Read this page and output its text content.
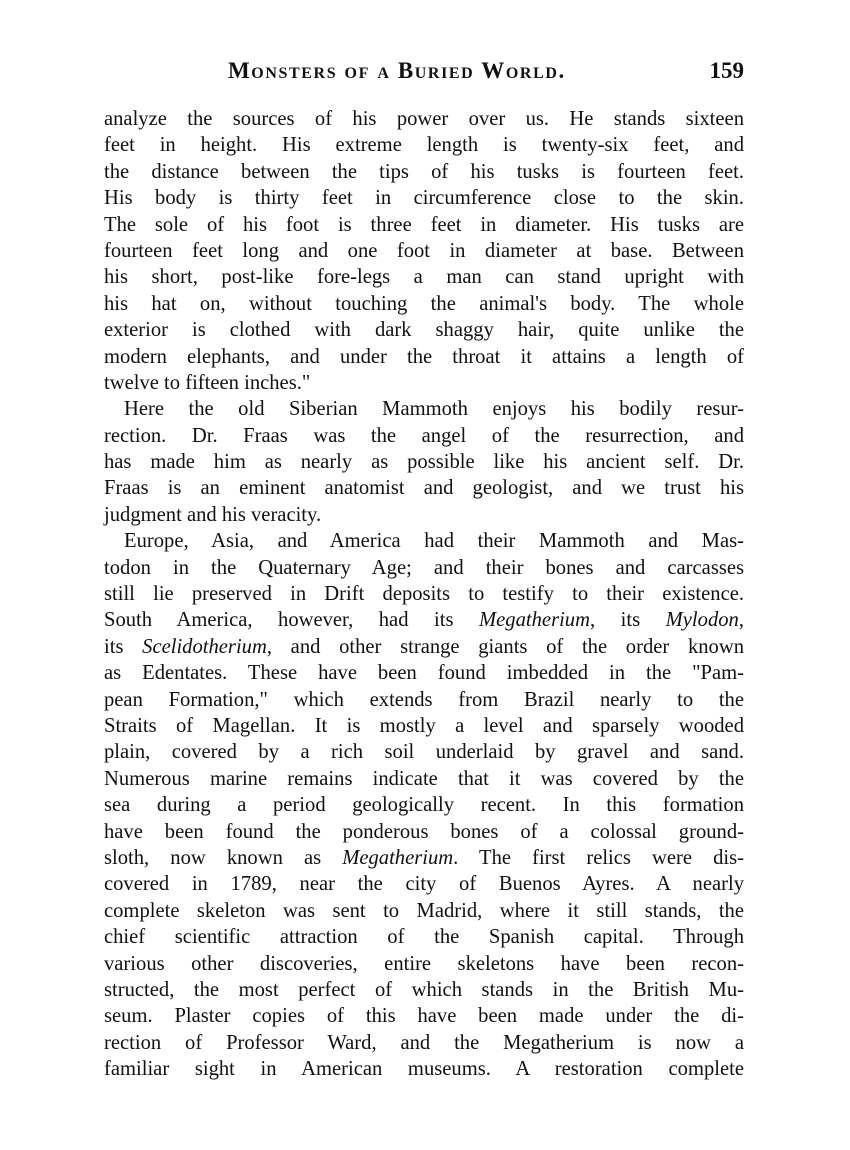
Monsters of a Buried World.	159
analyze the sources of his power over us. He stands sixteen
feet in height. His extreme length is twenty-six feet, and
the distance between the tips of his tusks is fourteen feet.
His body is thirty feet in circumference close to the skin.
The sole of his foot is three feet in diameter. His tusks are
fourteen feet long and one foot in diameter at base. Between
his short, post-like fore-legs a man can stand upright with
his hat on, without touching the animal's body. The whole
exterior is clothed with dark shaggy hair, quite unlike the
modern elephants, and under the throat it attains a length of
twelve to fifteen inches."
Here the old Siberian Mammoth enjoys his bodily resur-
rection. Dr. Fraas was the angel of the resurrection, and
has made him as nearly as possible like his ancient self. Dr.
Fraas is an eminent anatomist and geologist, and we trust his
judgment and his veracity.
Europe, Asia, and America had their Mammoth and Mas-
todon in the Quaternary Age; and their bones and carcasses
still lie preserved in Drift deposits to testify to their existence.
South America, however, had its Megatherium, its Mylodon,
its Scelidotherium, and other strange giants of the order known
as Edentates. These have been found imbedded in the "Pam-
pean Formation," which extends from Brazil nearly to the
Straits of Magellan. It is mostly a level and sparsely wooded
plain, covered by a rich soil underlaid by gravel and sand.
Numerous marine remains indicate that it was covered by the
sea during a period geologically recent. In this formation
have been found the ponderous bones of a colossal ground-
sloth, now known as Megatherium. The first relics were dis-
covered in 1789, near the city of Buenos Ayres. A nearly
complete skeleton was sent to Madrid, where it still stands, the
chief scientific attraction of the Spanish capital. Through
various other discoveries, entire skeletons have been recon-
structed, the most perfect of which stands in the British Mu-
seum. Plaster copies of this have been made under the di-
rection of Professor Ward, and the Megatherium is now a
familiar sight in American museums. A restoration complete
